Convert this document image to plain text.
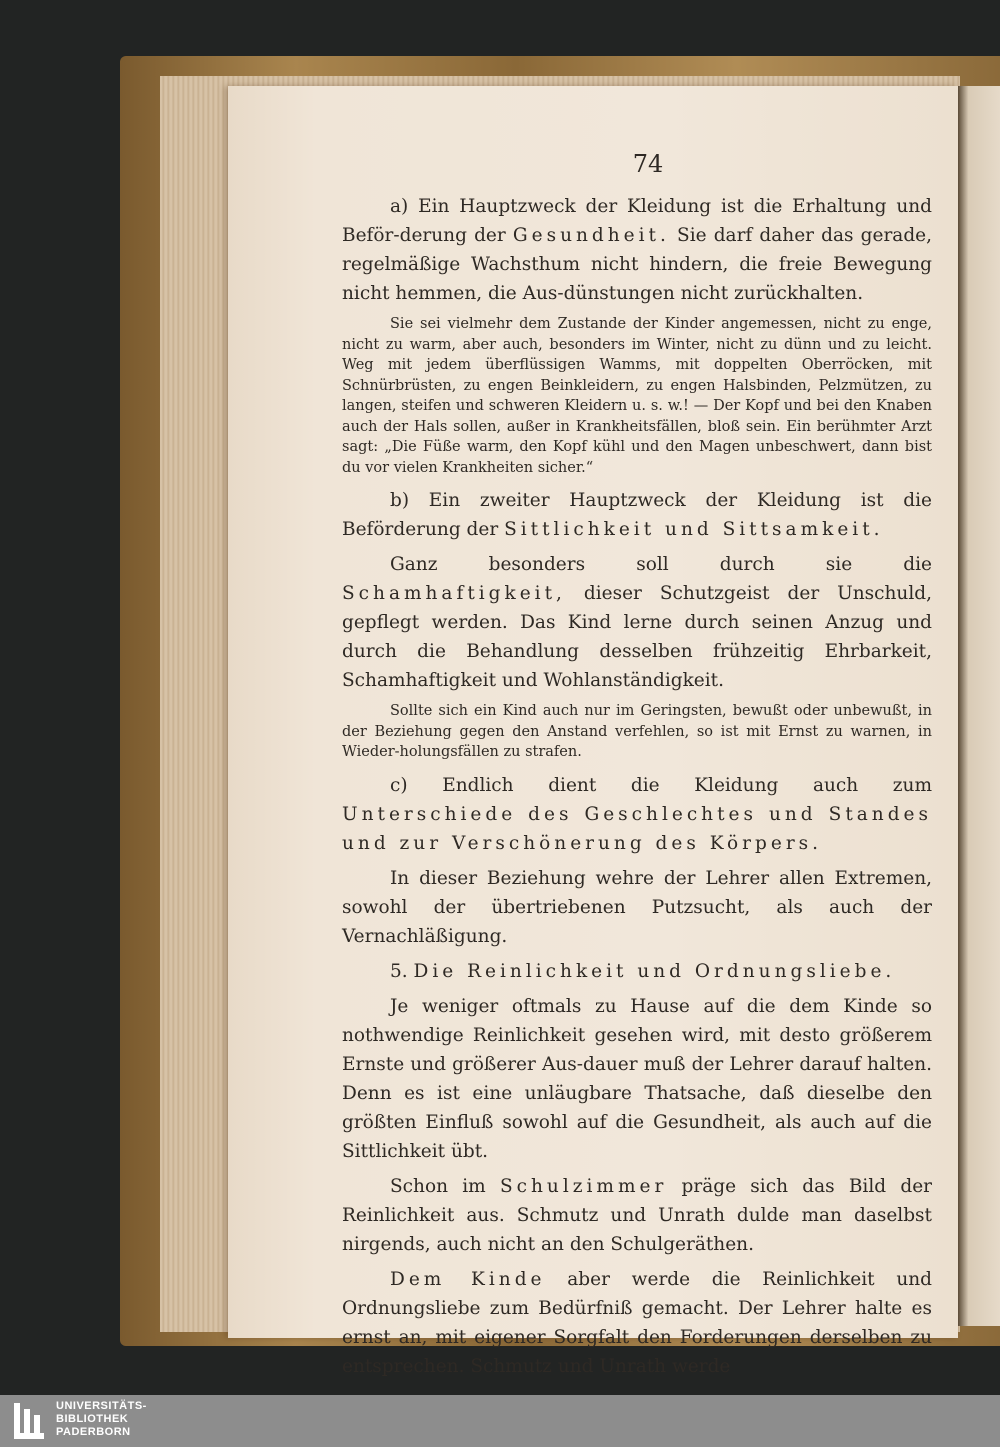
74

a) Ein Hauptzweck der Kleidung ist die Erhaltung und Beför-derung der Gesundheit. Sie darf daher das gerade, regelmäßige Wachsthum nicht hindern, die freie Bewegung nicht hemmen, die Aus-dünstungen nicht zurückhalten.

Sie sei vielmehr dem Zustande der Kinder angemessen, nicht zu enge, nicht zu warm, aber auch, besonders im Winter, nicht zu dünn und zu leicht. Weg mit jedem überflüssigen Wamms, mit doppelten Oberröcken, mit Schnürbrüsten, zu engen Beinkleidern, zu engen Halsbinden, Pelzmützen, zu langen, steifen und schweren Kleidern u. s. w.! — Der Kopf und bei den Knaben auch der Hals sollen, außer in Krankheitsfällen, bloß sein. Ein berühmter Arzt sagt: „Die Füße warm, den Kopf kühl und den Magen unbeschwert, dann bist du vor vielen Krankheiten sicher.“

b) Ein zweiter Hauptzweck der Kleidung ist die Beförderung der Sittlichkeit und Sittsamkeit.

Ganz besonders soll durch sie die Schamhaftigkeit, dieser Schutzgeist der Unschuld, gepflegt werden. Das Kind lerne durch seinen Anzug und durch die Behandlung desselben frühzeitig Ehrbarkeit, Schamhaftigkeit und Wohlanständigkeit.

Sollte sich ein Kind auch nur im Geringsten, bewußt oder unbewußt, in der Beziehung gegen den Anstand verfehlen, so ist mit Ernst zu warnen, in Wieder-holungsfällen zu strafen.

c) Endlich dient die Kleidung auch zum Unterschiede des Geschlechtes und Standes und zur Verschönerung des Körpers.

In dieser Beziehung wehre der Lehrer allen Extremen, sowohl der übertriebenen Putzsucht, als auch der Vernachläßigung.

5. Die Reinlichkeit und Ordnungsliebe.

Je weniger oftmals zu Hause auf die dem Kinde so nothwendige Reinlichkeit gesehen wird, mit desto größerem Ernste und größerer Aus-dauer muß der Lehrer darauf halten. Denn es ist eine unläugbare Thatsache, daß dieselbe den größten Einfluß sowohl auf die Gesundheit, als auch auf die Sittlichkeit übt.

Schon im Schulzimmer präge sich das Bild der Reinlichkeit aus. Schmutz und Unrath dulde man daselbst nirgends, auch nicht an den Schulgeräthen.

Dem Kinde aber werde die Reinlichkeit und Ordnungsliebe zum Bedürfniß gemacht. Der Lehrer halte es ernst an, mit eigener Sorgfalt den Forderungen derselben zu entsprechen. Schmutz und Unrath werde

UNIVERSITÄTS-
BIBLIOTHEK
PADERBORN
